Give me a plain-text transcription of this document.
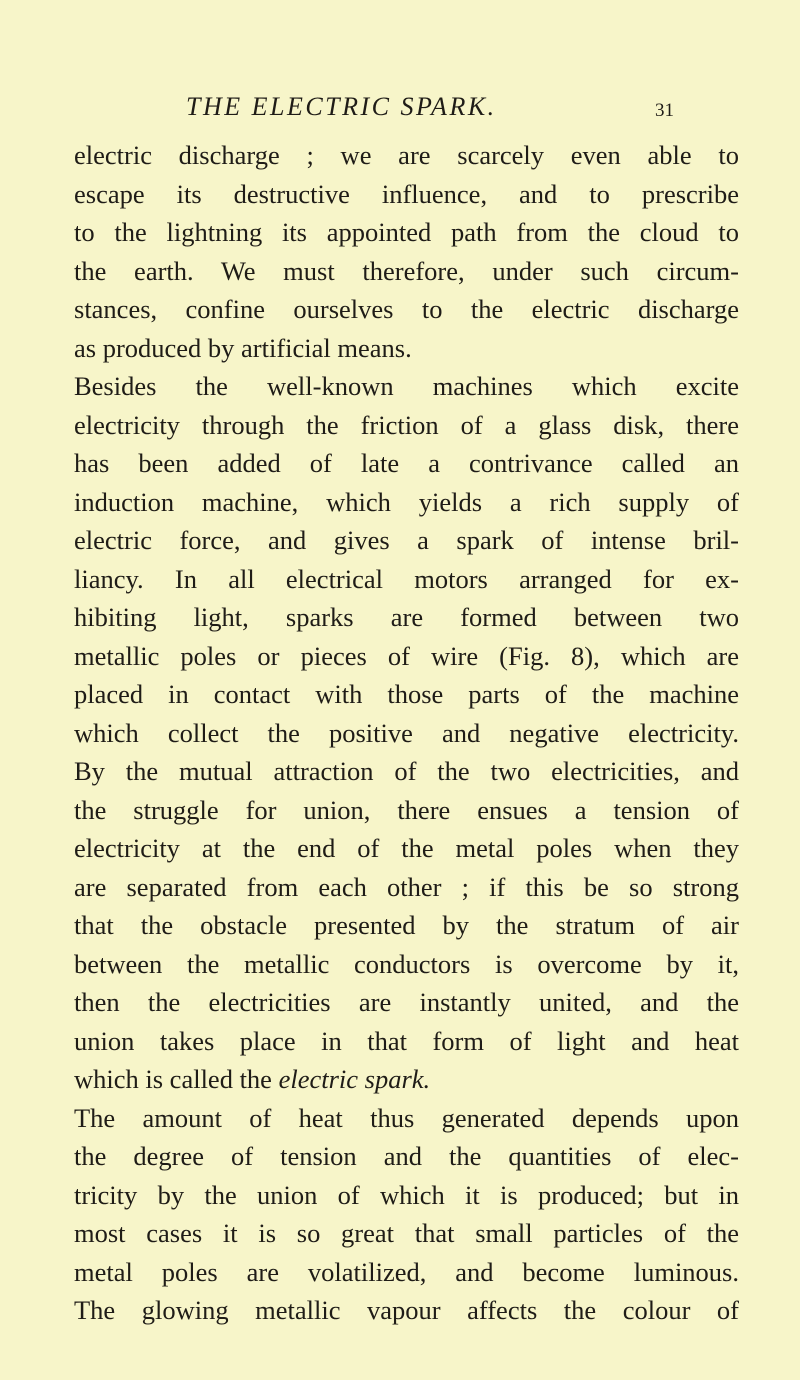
THE ELECTRIC SPARK.	31
electric discharge ; we are scarcely even able to
escape its destructive influence, and to prescribe
to the lightning its appointed path from the cloud to
the earth. We must therefore, under such circum-
stances, confine ourselves to the electric discharge
as produced by artificial means.
Besides the well-known machines which excite
electricity through the friction of a glass disk, there
has been added of late a contrivance called an
induction machine, which yields a rich supply of
electric force, and gives a spark of intense bril-
liancy. In all electrical motors arranged for ex-
hibiting light, sparks are formed between two
metallic poles or pieces of wire (Fig. 8), which are
placed in contact with those parts of the machine
which collect the positive and negative electricity.
By the mutual attraction of the two electricities, and
the struggle for union, there ensues a tension of
electricity at the end of the metal poles when they
are separated from each other ; if this be so strong
that the obstacle presented by the stratum of air
between the metallic conductors is overcome by it,
then the electricities are instantly united, and the
union takes place in that form of light and heat
which is called the electric spark.
The amount of heat thus generated depends upon
the degree of tension and the quantities of elec-
tricity by the union of which it is produced; but in
most cases it is so great that small particles of the
metal poles are volatilized, and become luminous.
The glowing metallic vapour affects the colour of
